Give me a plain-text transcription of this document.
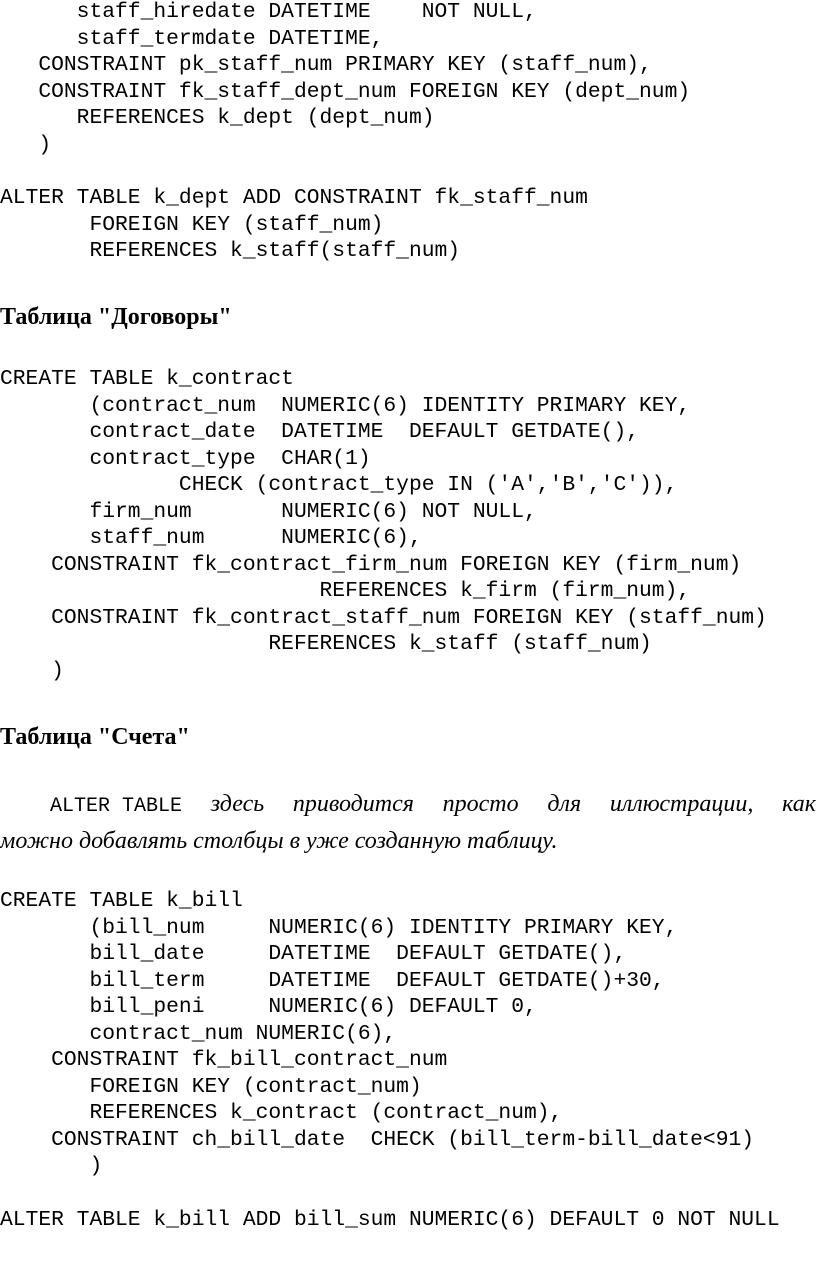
staff_hiredate DATETIME    NOT NULL,
staff_termdate DATETIME,
CONSTRAINT pk_staff_num PRIMARY KEY (staff_num),
CONSTRAINT fk_staff_dept_num FOREIGN KEY (dept_num)
REFERENCES k_dept (dept_num)
)
ALTER TABLE k_dept ADD CONSTRAINT fk_staff_num
FOREIGN KEY (staff_num)
REFERENCES k_staff(staff_num)
Таблица "Договоры"
CREATE TABLE k_contract
(contract_num  NUMERIC(6) IDENTITY PRIMARY KEY,
contract_date  DATETIME  DEFAULT GETDATE(),
contract_type  CHAR(1)
CHECK (contract_type IN ('A','B','C')),
firm_num       NUMERIC(6) NOT NULL,
staff_num      NUMERIC(6),
CONSTRAINT fk_contract_firm_num FOREIGN KEY (firm_num)
REFERENCES k_firm (firm_num),
CONSTRAINT fk_contract_staff_num FOREIGN KEY (staff_num)
REFERENCES k_staff (staff_num)
)
Таблица "Счета"
ALTER TABLE здесь приводится просто для иллюстрации, как
можно добавлять столбцы в уже созданную таблицу.
CREATE TABLE k_bill
(bill_num     NUMERIC(6) IDENTITY PRIMARY KEY,
bill_date     DATETIME  DEFAULT GETDATE(),
bill_term     DATETIME  DEFAULT GETDATE()+30,
bill_peni     NUMERIC(6) DEFAULT 0,
contract_num NUMERIC(6),
CONSTRAINT fk_bill_contract_num
FOREIGN KEY (contract_num)
REFERENCES k_contract (contract_num),
CONSTRAINT ch_bill_date  CHECK (bill_term-bill_date<91)
)
ALTER TABLE k_bill ADD bill_sum NUMERIC(6) DEFAULT 0 NOT NULL
